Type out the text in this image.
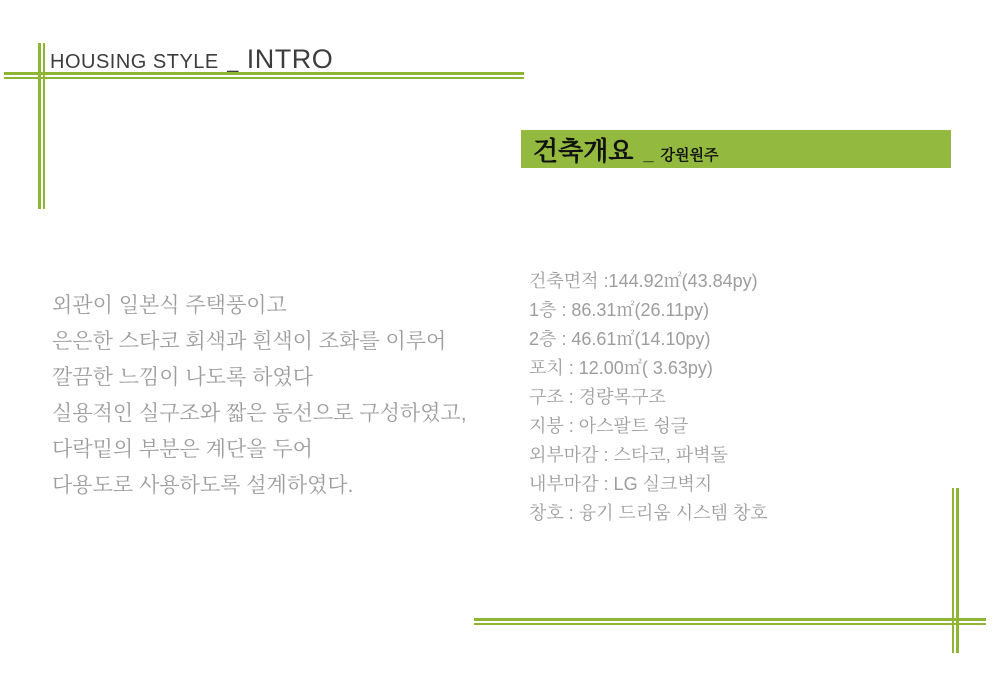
HOUSING STYLE _ INTRO
건축개요 _ 강원원주
외관이 일본식 주택풍이고
은은한 스타코 회색과 흰색이 조화를 이루어
깔끔한 느낌이 나도록 하였다
실용적인 실구조와 짧은 동선으로 구성하였고,
다락밑의 부분은 계단을 두어
다용도로 사용하도록 설계하였다.
건축면적 :144.92㎡(43.84py)
1층 : 86.31㎡(26.11py)
2층 : 46.61㎡(14.10py)
포치 : 12.00㎡( 3.63py)
구조 : 경량목구조
지붕 : 아스팔트 슁글
외부마감 : 스타코, 파벽돌
내부마감 : LG 실크벽지
창호 : 융기 드리움 시스템 창호
